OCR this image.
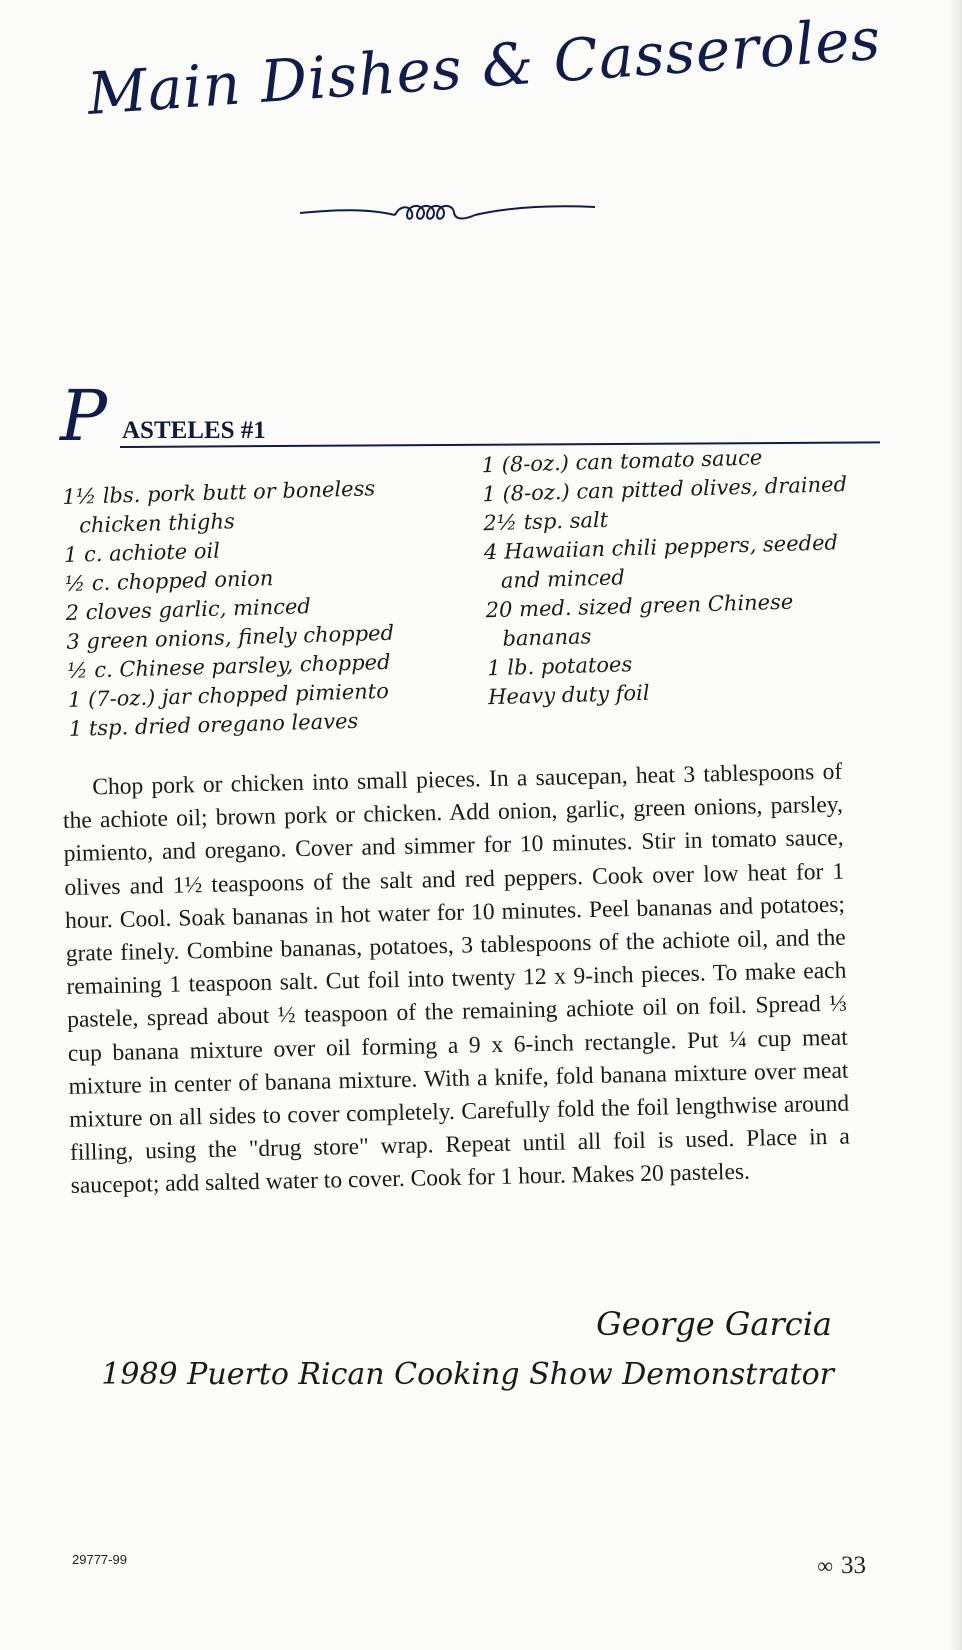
Main Dishes & Casseroles
P ASTELES #1
1½ lbs. pork butt or boneless chicken thighs
1 c. achiote oil
½ c. chopped onion
2 cloves garlic, minced
3 green onions, finely chopped
½ c. Chinese parsley, chopped
1 (7-oz.) jar chopped pimiento
1 tsp. dried oregano leaves
1 (8-oz.) can tomato sauce
1 (8-oz.) can pitted olives, drained
2½ tsp. salt
4 Hawaiian chili peppers, seeded and minced
20 med. sized green Chinese bananas
1 lb. potatoes
Heavy duty foil

Chop pork or chicken into small pieces. In a saucepan, heat 3 tablespoons of the achiote oil; brown pork or chicken. Add onion, garlic, green onions, parsley, pimiento, and oregano. Cover and simmer for 10 minutes. Stir in tomato sauce, olives and 1½ teaspoons of the salt and red peppers. Cook over low heat for 1 hour. Cool. Soak bananas in hot water for 10 minutes. Peel bananas and potatoes; grate finely. Combine bananas, potatoes, 3 tablespoons of the achiote oil, and the remaining 1 teaspoon salt. Cut foil into twenty 12 x 9-inch pieces. To make each pastele, spread about ½ teaspoon of the remaining achiote oil on foil. Spread ⅓ cup banana mixture over oil forming a 9 x 6-inch rectangle. Put ¼ cup meat mixture in center of banana mixture. With a knife, fold banana mixture over meat mixture on all sides to cover completely. Carefully fold the foil lengthwise around filling, using the "drug store" wrap. Repeat until all foil is used. Place in a saucepot; add salted water to cover. Cook for 1 hour. Makes 20 pasteles.

George Garcia
1989 Puerto Rican Cooking Show Demonstrator
29777-99	∞ 33
